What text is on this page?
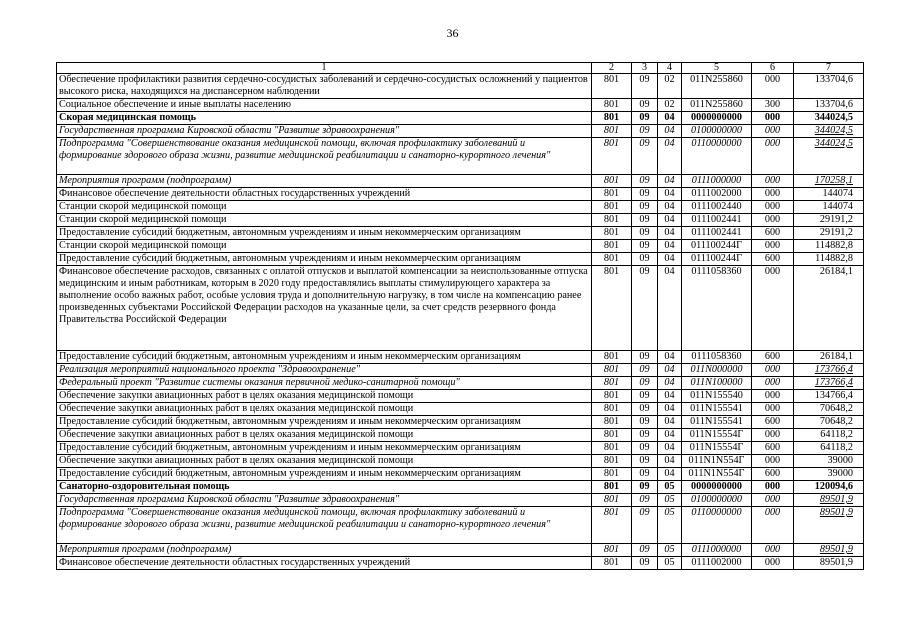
36
1	2	3	4	5	6	7
Обеспечение профилактики развития сердечно-сосудистых заболеваний и сердечно-сосудистых осложнений у пациентов высокого риска, находящихся на диспансерном наблюдении	801	09	02	011N255860	000	133704,6
Социальное обеспечение и иные выплаты населению	801	09	02	011N255860	300	133704,6
Скорая медицинская помощь	801	09	04	0000000000	000	344024,5
Государственная программа Кировской области "Развитие здравоохранения"	801	09	04	0100000000	000	344024,5
Подпрограмма "Совершенствование оказания медицинской помощи, включая профилактику заболеваний и формирование здорового образа жизни, развитие медицинской реабилитации и санаторно-курортного лечения"	801	09	04	0110000000	000	344024,5
Мероприятия программ (подпрограмм)	801	09	04	0111000000	000	170258,1
Финансовое обеспечение деятельности областных государственных учреждений	801	09	04	0111002000	000	144074
Станции скорой медицинской помощи	801	09	04	0111002440	000	144074
Станции скорой медицинской помощи	801	09	04	0111002441	000	29191,2
Предоставление субсидий бюджетным, автономным учреждениям и иным некоммерческим организациям	801	09	04	0111002441	600	29191,2
Станции скорой медицинской помощи	801	09	04	011100244Г	000	114882,8
Предоставление субсидий бюджетным, автономным учреждениям и иным некоммерческим организациям	801	09	04	011100244Г	600	114882,8
Финансовое обеспечение расходов, связанных с оплатой отпусков и выплатой компенсации за неиспользованные отпуска медицинским и иным работникам, которым в 2020 году предоставлялись выплаты стимулирующего характера за выполнение особо важных работ, особые условия труда и дополнительную нагрузку, в том числе на компенсацию ранее произведенных субъектами Российской Федерации расходов на указанные цели, за счет средств резервного фонда Правительства Российской Федерации	801	09	04	0111058360	000	26184,1
Предоставление субсидий бюджетным, автономным учреждениям и иным некоммерческим организациям	801	09	04	0111058360	600	26184,1
Реализация мероприятий национального проекта "Здравоохранение"	801	09	04	011N000000	000	173766,4
Федеральный проект "Развитие системы оказания первичной медико-санитарной помощи"	801	09	04	011N100000	000	173766,4
Обеспечение закупки авиационных работ в целях оказания медицинской помощи	801	09	04	011N155540	000	134766,4
Обеспечение закупки авиационных работ в целях оказания медицинской помощи	801	09	04	011N155541	000	70648,2
Предоставление субсидий бюджетным, автономным учреждениям и иным некоммерческим организациям	801	09	04	011N155541	600	70648,2
Обеспечение закупки авиационных работ в целях оказания медицинской помощи	801	09	04	011N15554Г	000	64118,2
Предоставление субсидий бюджетным, автономным учреждениям и иным некоммерческим организациям	801	09	04	011N15554Г	600	64118,2
Обеспечение закупки авиационных работ в целях оказания медицинской помощи	801	09	04	011N1N554Г	000	39000
Предоставление субсидий бюджетным, автономным учреждениям и иным некоммерческим организациям	801	09	04	011N1N554Г	600	39000
Санаторно-оздоровительная помощь	801	09	05	0000000000	000	120094,6
Государственная программа Кировской области "Развитие здравоохранения"	801	09	05	0100000000	000	89501,9
Подпрограмма "Совершенствование оказания медицинской помощи, включая профилактику заболеваний и формирование здорового образа жизни, развитие медицинской реабилитации и санаторно-курортного лечения"	801	09	05	0110000000	000	89501,9
Мероприятия программ (подпрограмм)	801	09	05	0111000000	000	89501,9
Финансовое обеспечение деятельности областных государственных учреждений	801	09	05	0111002000	000	89501,9
